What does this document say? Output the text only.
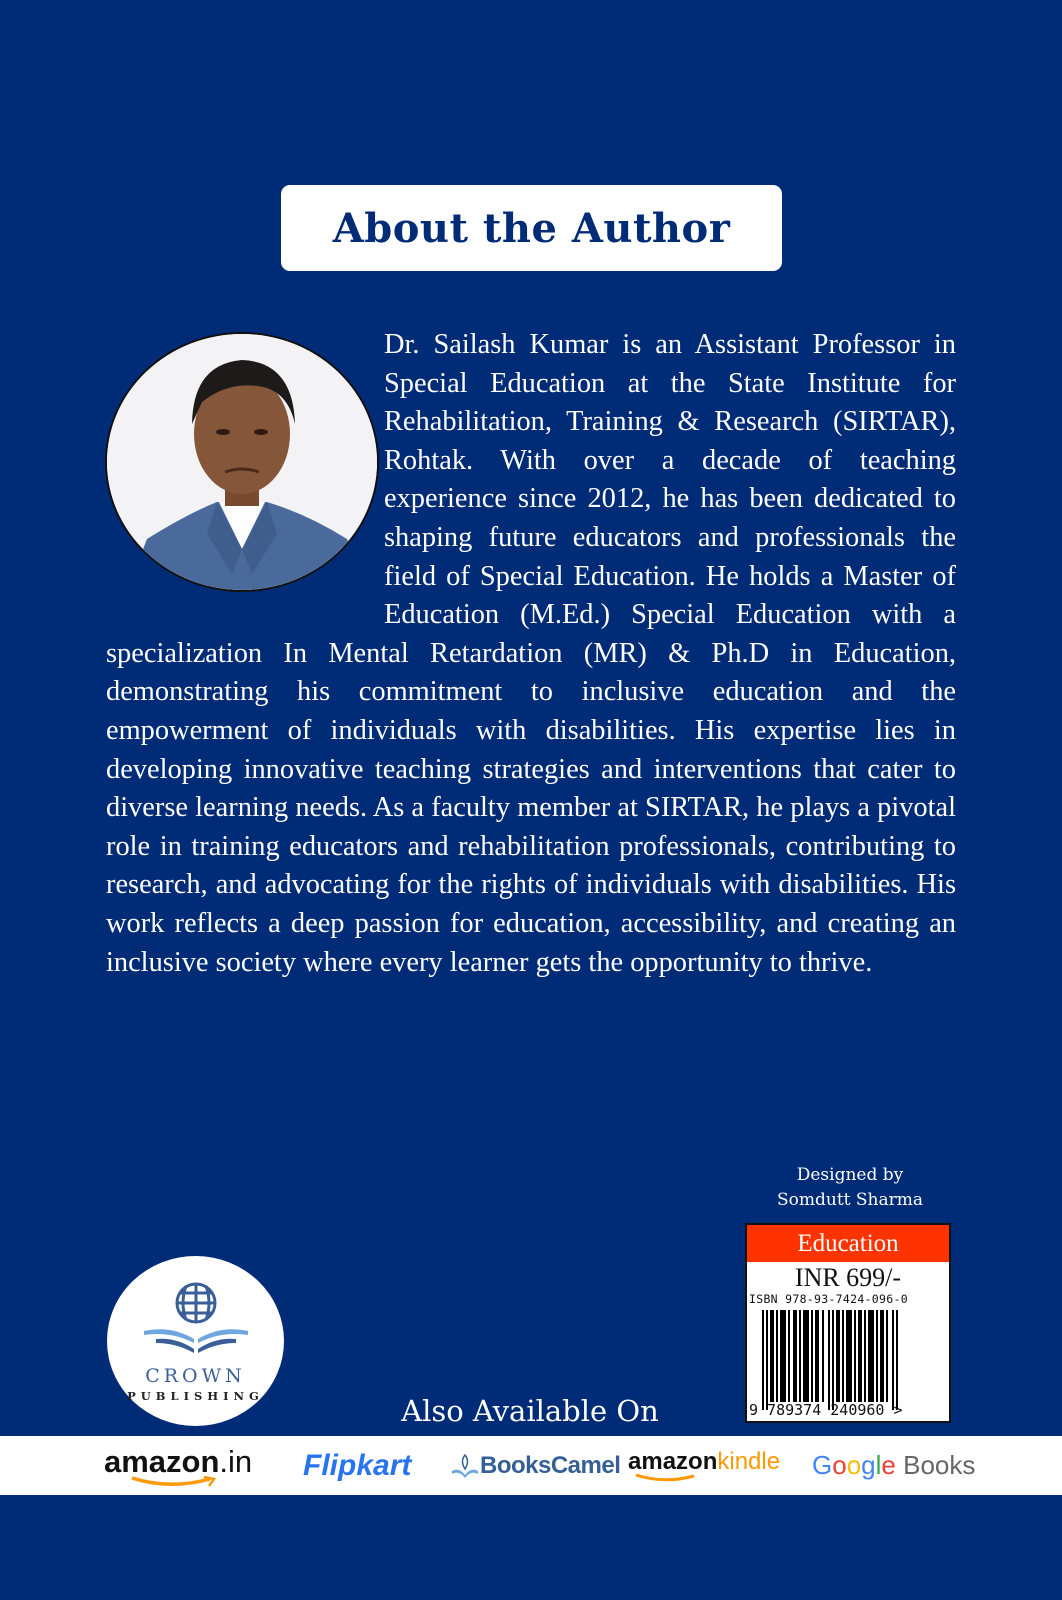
About the Author

Dr. Sailash Kumar is an Assistant Professor in Special Education at the State Institute for Rehabilitation, Training & Research (SIRTAR), Rohtak. With over a decade of teaching experience since 2012, he has been dedicated to shaping future educators and professionals the field of Special Education. He holds a Master of Education (M.Ed.) Special Education with a specialization In Mental Retardation (MR) & Ph.D in Education, demonstrating his commitment to inclusive education and the empowerment of individuals with disabilities. His expertise lies in developing innovative teaching strategies and interventions that cater to diverse learning needs. As a faculty member at SIRTAR, he plays a pivotal role in training educators and rehabilitation professionals, contributing to research, and advocating for the rights of individuals with disabilities. His work reflects a deep passion for education, accessibility, and creating an inclusive society where every learner gets the opportunity to thrive.

Designed by
Somdutt Sharma
Education
INR 699/-
ISBN 978-93-7424-096-0
9 789374 240960 >
CROWN
PUBLISHING	Also Available On
amazon.in Flipkart	BooksCamel amazonkindle G o o g l e Books
